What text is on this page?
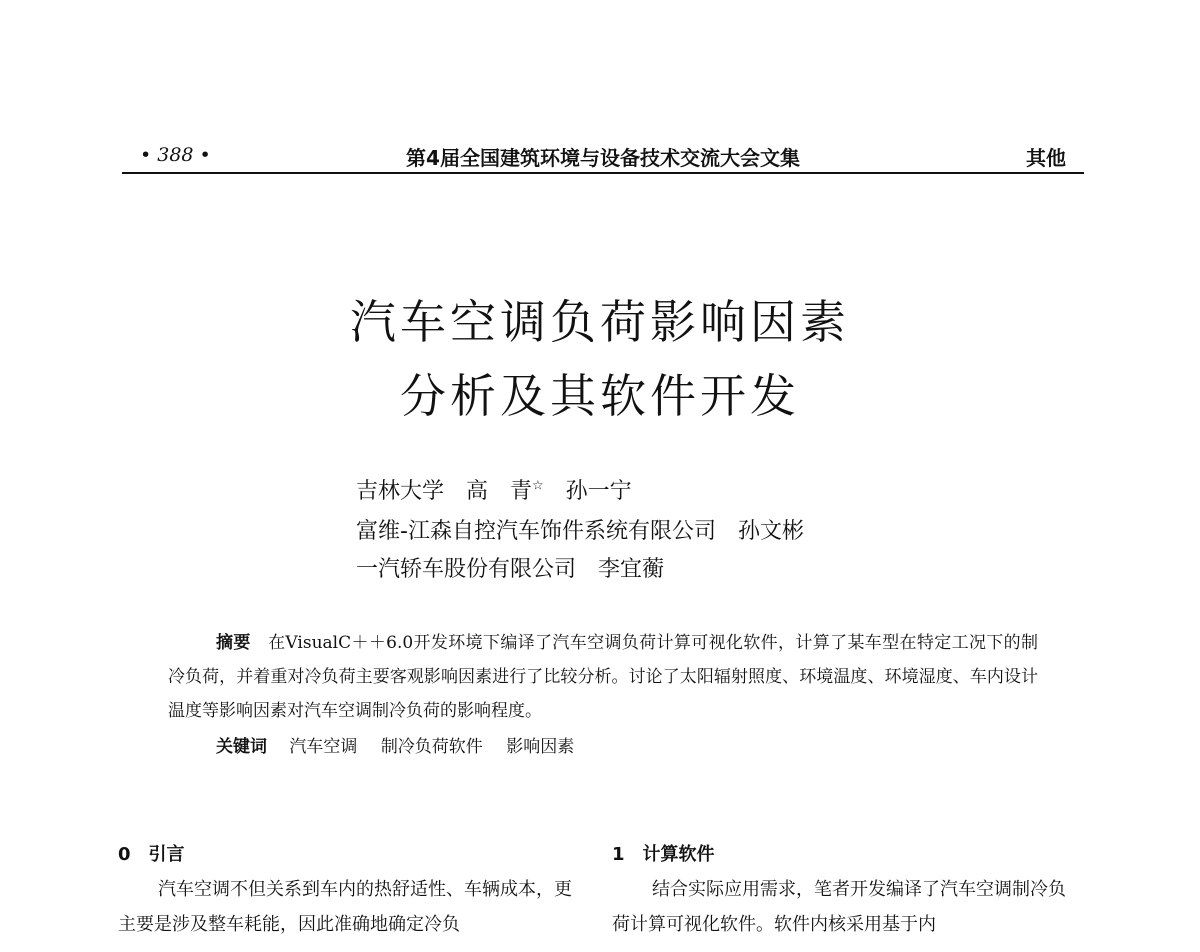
• 388 •	第4届全国建筑环境与设备技术交流大会文集	其他
汽车空调负荷影响因素
分析及其软件开发
吉林大学　高　青☆　孙一宁
富维-江森自控汽车饰件系统有限公司　孙文彬
一汽轿车股份有限公司　李宜蘅

摘要　 在VisualC＋＋6.0开发环境下编译了汽车空调负荷计算可视化软件，计算了某车型在特定工况下的制冷负荷，并着重对冷负荷主要客观影响因素进行了比较分析。讨论了太阳辐射照度、环境温度、环境湿度、车内设计温度等影响因素对汽车空调制冷负荷的影响程度。

关键词　 汽车空调 制冷负荷软件 影响因素
0　引言

汽车空调不但关系到车内的热舒适性、车辆成本，更主要是涉及整车耗能，因此准确地确定冷负

1　计算软件

结合实际应用需求，笔者开发编译了汽车空调制冷负荷计算可视化软件。软件内核采用基于内
